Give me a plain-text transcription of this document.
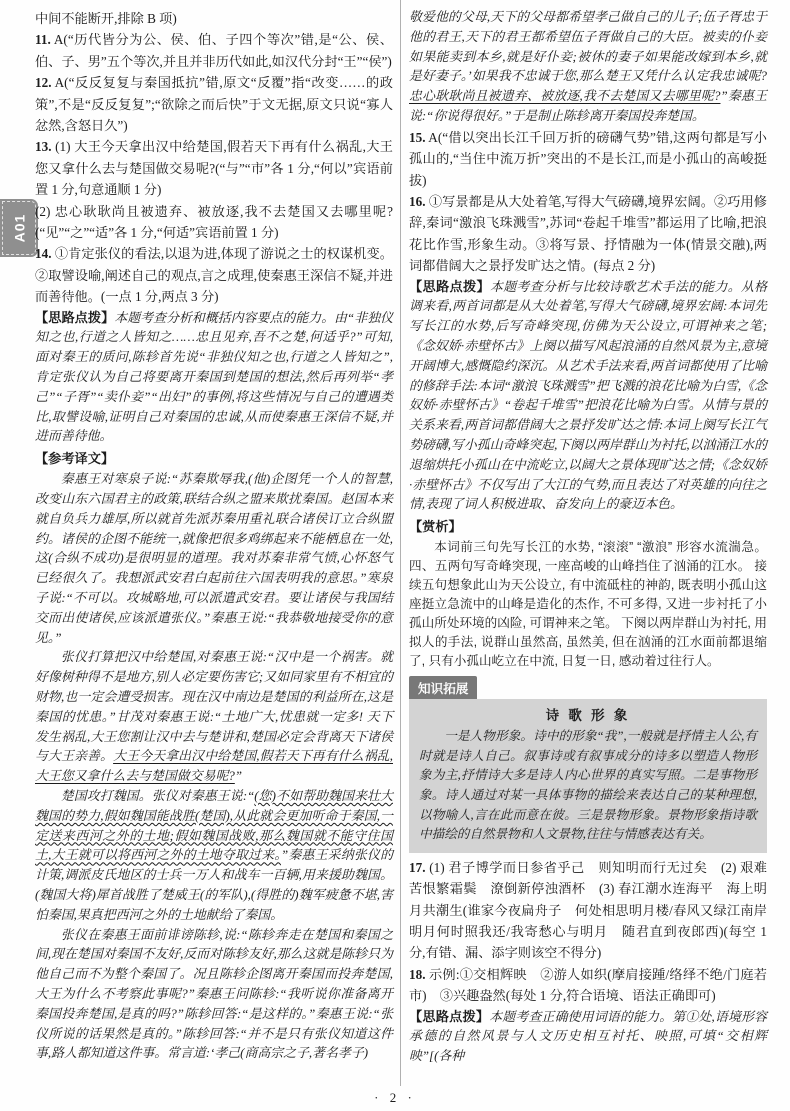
A01

中间不能断开,排除 B 项)

11. A(“历代皆分为公、侯、伯、子四个等次”错,是“公、侯、伯、子、男”五个等次,并且并非历代如此,如汉代分封“王”“侯”)

12. A(“反反复复与秦国抵抗”错,原文“反覆”指“改变……的政策”,不是“反反复复”;“欲除之而后快”于文无据,原文只说“寡人忿然,含怒日久”)

13. (1) 大王今天拿出汉中给楚国,假若天下再有什么祸乱,大王您又拿什么去与楚国做交易呢?(“与”“市”各 1 分,“何以”宾语前置 1 分,句意通顺 1 分)

(2) 忠心耿耿尚且被遗弃、被放逐,我不去楚国又去哪里呢?(“见”“之”“适”各 1 分,“何适”宾语前置 1 分)

14. ①肯定张仪的看法,以退为进,体现了游说之士的权谋机变。②取譬设喻,阐述自己的观点,言之成理,使秦惠王深信不疑,并进而善待他。(一点 1 分,两点 3 分)

【思路点拨】本题考查分析和概括内容要点的能力。由“非独仪知之也,行道之人皆知之……忠且见弃,吾不之楚,何适乎?”可知,面对秦王的质问,陈轸首先说“非独仪知之也,行道之人皆知之”,肯定张仪认为自己将要离开秦国到楚国的想法,然后再列举“孝己”“子胥”“卖仆妾”“出妇”的事例,将这些情况与自己的遭遇类比,取譬设喻,证明自己对秦国的忠诚,从而使秦惠王深信不疑,并进而善待他。

【参考译文】

秦惠王对寒泉子说:“苏秦欺辱我,(他)企图凭一个人的智慧,改变山东六国君主的政策,联结合纵之盟来欺扰秦国。赵国本来就自负兵力雄厚,所以就首先派苏秦用重礼联合诸侯订立合纵盟约。诸侯的企图不能统一,就像把很多鸡绑起来不能栖息在一处,这(合纵不成功)是很明显的道理。我对苏秦非常气愤,心怀怒气已经很久了。我想派武安君白起前往六国表明我的意思。”寒泉子说:“不可以。攻城略地,可以派遣武安君。要让诸侯与我国结交而出使诸侯,应该派遣张仪。”秦惠王说:“我恭敬地接受你的意见。”

张仪打算把汉中给楚国,对秦惠王说:“汉中是一个祸害。就好像树种得不是地方,别人必定要伤害它;又如同家里有不相宜的财物,也一定会遭受损害。现在汉中南边是楚国的利益所在,这是秦国的忧患。”甘茂对秦惠王说:“土地广大,忧患就一定多! 天下发生祸乱,大王您割让汉中去与楚讲和,楚国必定会背离天下诸侯与大王亲善。大王今天拿出汉中给楚国,假若天下再有什么祸乱,大王您又拿什么去与楚国做交易呢?”

楚国攻打魏国。张仪对秦惠王说:“(您)不如帮助魏国来壮大魏国的势力,假如魏国能战胜(楚国),从此就会更加听命于秦国,一定送来西河之外的土地;假如魏国战败,那么魏国就不能守住国土,大王就可以将西河之外的土地夺取过来。”秦惠王采纳张仪的计策,调派皮氏地区的士兵一万人和战车一百辆,用来援助魏国。(魏国大将)犀首战胜了楚威王(的军队),(得胜的)魏军疲惫不堪,害怕秦国,果真把西河之外的土地献给了秦国。

张仪在秦惠王面前诽谤陈轸,说:“陈轸奔走在楚国和秦国之间,现在楚国对秦国不友好,反而对陈轸友好,那么这就是陈轸只为他自己而不为整个秦国了。况且陈轸企图离开秦国而投奔楚国,大王为什么不考察此事呢?”秦惠王问陈轸:“我听说你准备离开秦国投奔楚国,是真的吗?”陈轸回答:“是这样的。”秦惠王说:“张仪所说的话果然是真的。”陈轸回答:“并不是只有张仪知道这件事,路人都知道这件事。常言道:‘孝己(商高宗之子,著名孝子)

敬爱他的父母,天下的父母都希望孝己做自己的儿子;伍子胥忠于他的君王,天下的君王都希望伍子胥做自己的大臣。被卖的仆妾如果能卖到本乡,就是好仆妾;被休的妻子如果能改嫁到本乡,就是好妻子。’如果我不忠诚于您,那么楚王又凭什么认定我忠诚呢? 忠心耿耿尚且被遗弃、被放逐,我不去楚国又去哪里呢?”秦惠王说:“你说得很好。”于是制止陈轸离开秦国投奔楚国。

15. A(“借以突出长江千回万折的磅礴气势”错,这两句都是写小孤山的,“当住中流万折”突出的不是长江,而是小孤山的高峻挺拔)

16. ①写景都是从大处着笔,写得大气磅礴,境界宏阔。②巧用修辞,秦词“激浪飞珠溅雪”,苏词“卷起千堆雪”都运用了比喻,把浪花比作雪,形象生动。③将写景、抒情融为一体(情景交融),两词都借阔大之景抒发旷达之情。(每点 2 分)

【思路点拨】本题考查分析与比较诗歌艺术手法的能力。从格调来看,两首词都是从大处着笔,写得大气磅礴,境界宏阔:本词先写长江的水势,后写奇峰突现,仿佛为天公设立,可谓神来之笔;《念奴娇·赤壁怀古》上阕以描写风起浪涌的自然风景为主,意境开阔博大,感慨隐约深沉。从艺术手法来看,两首词都使用了比喻的修辞手法:本词“激浪飞珠溅雪”把飞溅的浪花比喻为白雪,《念奴娇·赤壁怀古》“卷起千堆雪”把浪花比喻为白雪。从情与景的关系来看,两首词都借阔大之景抒发旷达之情:本词上阕写长江气势磅礴,写小孤山奇峰突起,下阕以两岸群山为衬托,以汹涌江水的退缩烘托小孤山在中流屹立,以阔大之景体现旷达之情;《念奴娇·赤壁怀古》不仅写出了大江的气势,而且表达了对英雄的向往之情,表现了词人积极进取、奋发向上的豪迈本色。

【赏析】

本词前三句先写长江的水势, “滚滚” “激浪” 形容水流湍急。 四、五两句写奇峰突现, 一座高峻的山峰挡住了汹涌的江水。 接续五句想象此山为天公设立, 有中流砥柱的神韵, 既表明小孤山这座挺立急流中的山峰是造化的杰作, 不可多得, 又进一步衬托了小孤山所处环境的凶险, 可谓神来之笔。 下阕以两岸群山为衬托, 用拟人的手法, 说群山虽然高, 虽然美, 但在汹涌的江水面前都退缩了, 只有小孤山屹立在中流, 日复一日, 感动着过往行人。

知识拓展
诗 歌 形 象

一是人物形象。诗中的形象“我”,一般就是抒情主人公,有时就是诗人自己。叙事诗或有叙事成分的诗多以塑造人物形象为主,抒情诗大多是诗人内心世界的真实写照。二是事物形象。诗人通过对某一具体事物的描绘来表达自己的某种理想,以物喻人,言在此而意在彼。三是景物形象。景物形象指诗歌中描绘的自然景物和人文景物,往往与情感表达有关。

17. (1) 君子博学而日参省乎己　则知明而行无过矣　(2) 艰难苦恨繁霜鬓　潦倒新停浊酒杯　(3) 春江潮水连海平　海上明月共潮生(谁家今夜扁舟子　何处相思明月楼/春风又绿江南岸　明月何时照我还/我寄愁心与明月　随君直到夜郎西)(每空 1 分,有错、漏、添字则该空不得分)

18. 示例:①交相辉映　②游人如织(摩肩接踵/络绎不绝/门庭若市)　③兴趣盎然(每处 1 分,符合语境、语法正确即可)

【思路点拨】本题考查正确使用词语的能力。第①处,语境形容承德的自然风景与人文历史相互衬托、映照,可填“交相辉映”[(各种

· 2 ·
